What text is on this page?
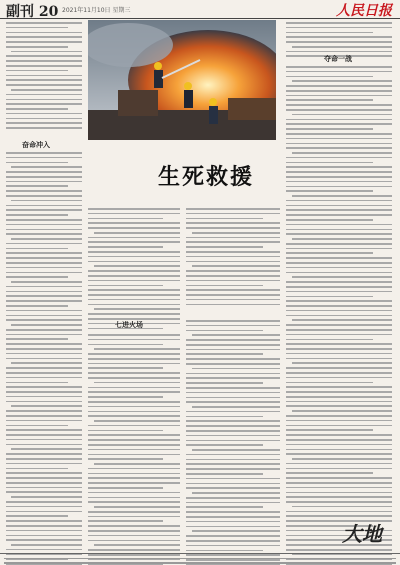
副刊 20 2021年11月10日 星期三	人民日报
奋命冲入
夺命一战
生死救援
七进火场
大地
